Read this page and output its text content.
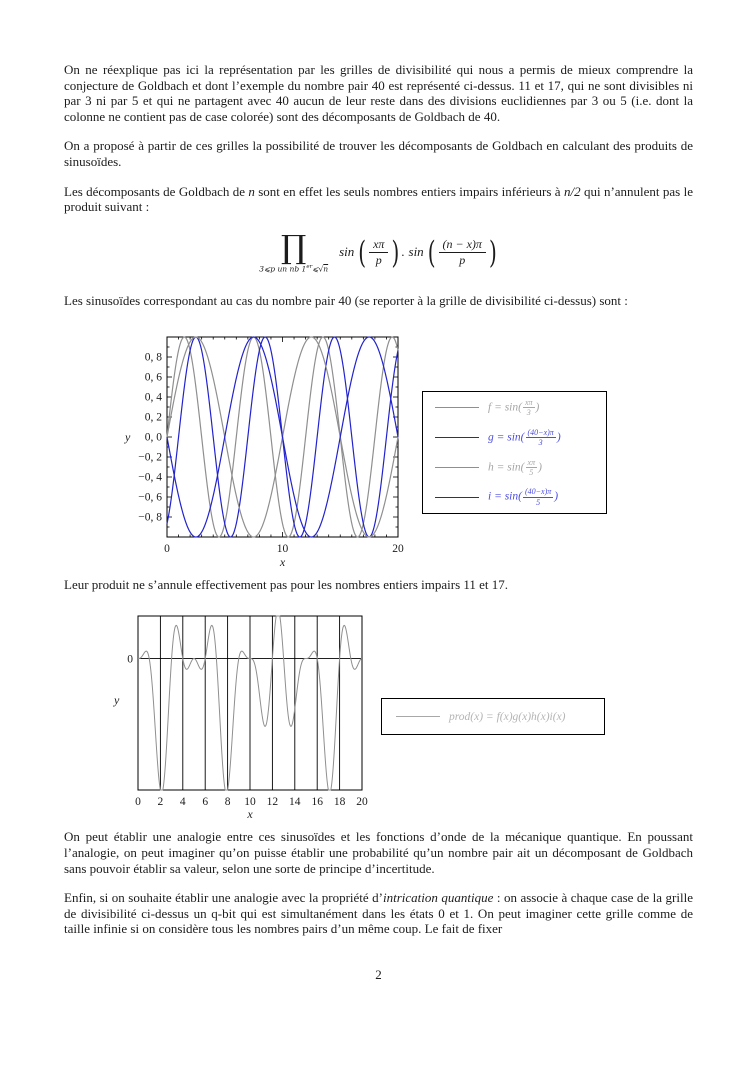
On ne réexplique pas ici la représentation par les grilles de divisibilité qui nous a permis de mieux comprendre la conjecture de Goldbach et dont l’exemple du nombre pair 40 est représenté ci-dessus. 11 et 17, qui ne sont divisibles ni par 3 ni par 5 et qui ne partagent avec 40 aucun de leur reste dans des divisions euclidiennes par 3 ou 5 (i.e. dont la colonne ne contient pas de case colorée) sont des décomposants de Goldbach de 40.

On a proposé à partir de ces grilles la possibilité de trouver les décomposants de Goldbach en calculant des produits de sinusoïdes.

Les décomposants de Goldbach de n sont en effet les seuls nombres entiers impairs inférieurs à n/2 qui n’annulent pas le produit suivant :

∏
3⩽p un nb 1er⩽√n
sin ( $\frac{x\pi}{p}$ ) . sin ( $\frac{(n - x)\pi}{p}$ )

Les sinusoïdes correspondant au cas du nombre pair 40 (se reporter à la grille de divisibilité ci-dessus) sont :

0	10	20
0, 8
0, 6
0, 4
0, 2
0, 0
−0, 2
−0, 4
−0, 6
−0, 8
y
x
$f = \sin( \frac{x\pi}{3}$ )
$g = \sin( \frac{(40-x)\pi}{3}$ )
$h = \sin( \frac{x\pi}{5}$ )
$i = \sin( \frac{(40-x)\pi}{5}$ )

Leur produit ne s’annule effectivement pas pour les nombres entiers impairs 11 et 17.

0 2 4 6 8 10 12 14 16 18 20
0
y
x
prod(x) = f(x)g(x)h(x)i(x)

On peut établir une analogie entre ces sinusoïdes et les fonctions d’onde de la mécanique quantique. En poussant l’analogie, on peut imaginer qu’on puisse établir une probabilité qu’un nombre pair ait un décomposant de Goldbach sans pouvoir établir sa valeur, selon une sorte de principe d’incertitude.

Enfin, si on souhaite établir une analogie avec la propriété d’intrication quantique : on associe à chaque case de la grille de divisibilité ci-dessus un q-bit qui est simultanément dans les états 0 et 1. On peut imaginer cette grille comme de taille infinie si on considère tous les nombres pairs d’un même coup. Le fait de fixer

2
